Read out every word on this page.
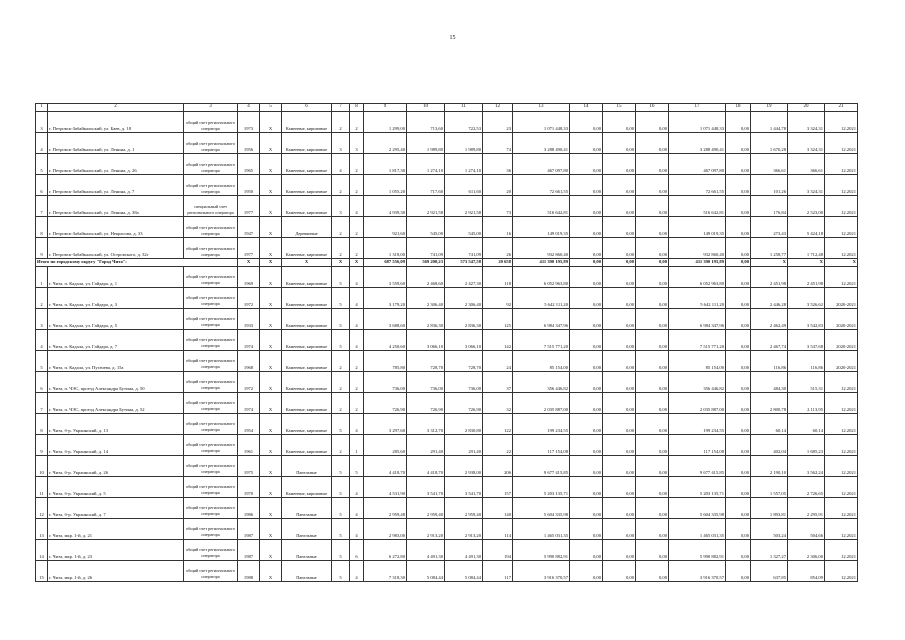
15
1	2	3	4	5	6	7	8	9	10	11	12	13	14	15	16	17	18	19	20	21
3	г. Петровск-Забайкальский, ул. Баев, д. 18	общий счет регионального оператора	1973	X	Каменные, кирпичные	2	2	1 299,00	713,60	722,53	23	1 071 448,33	0,00	0,00	0,00	1 071 448,33	0,00	1 444,78	3 324,31	12.2021
4	г. Петровск-Забайкальский, ул. Ленина, д. 1	общий счет регионального оператора	1956	X	Каменные, кирпичные	3	3	2 295,40	1 989,80	1 989,80	74	3 288 490,41	0,00	0,00	0,00	3 288 490,41	0,00	1 670,28	3 324,31	12.2021
5	г. Петровск-Забайкальский, ул. Ленина, д. 26	общий счет регионального оператора	1965	X	Каменные, кирпичные	4	2	1 817,30	1 274,10	1 274,10	36	467 097,80	0,00	0,00	0,00	467 097,80	0,00	366,61	366,61	12.2021
6	г. Петровск-Забайкальский, ул. Ленина, д. 7	общий счет регионального оператора	1950	X	Каменные, кирпичные	2	2	1 055,20	717,60	611,60	20	72 661,55	0,00	0,00	0,00	72 661,55	0,00	101,26	3 324,31	12.2021
7	г. Петровск-Забайкальский, ул. Ленина, д. 38а	специальный счет регионального оператора	1977	X	Каменные, кирпичные	3	4	4 939,30	2 921,58	2 921,58	73	516 642,81	0,00	0,00	0,00	516 642,81	0,00	176,84	2 523,00	12.2021
8	г. Петровск-Забайкальский, ул. Некрасова, д. 33	общий счет регионального оператора	1947	X	Деревянные	2	2	921,60	545,00	545,00	16	149 019,35	0,00	0,00	0,00	149 019,35	0,00	273,43	5 424,18	12.2021
9	г. Петровск-Забайкальский, ул. Островского, д. 32г	общий счет регионального оператора	1977	X	Каменные, кирпичные	2	2	1 318,00	741,09	741,09	26	932 860,40	0,00	0,00	0,00	932 860,40	0,00	1 258,77	1 712,48	12.2021
Итого по городскому округу "Город Чита":			X	X	X	X	X	687 556,09	569 200,23	573 547,58	20 658	411 390 195,89	0,00	0,00	0,00	411 390 195,89	0,00	X	X	X
1	г. Чита, п. Кадала, ул. Гайдара, д. 1	общий счет регионального оператора	1969	X	Каменные, кирпичные	5	4	3 559,60	2 468,60	2 427,30	118	6 052 963,80	0,00	0,00	0,00	6 052 963,80	0,00	2 451,98	2 451,98	12.2021
2	г. Чита, п. Кадала, ул. Гайдара, д. 3	общий счет регионального оператора	1972	X	Каменные, кирпичные	5	4	3 179,20	2 306,40	2 306,40	92	5 642 111,20	0,00	0,00	0,00	5 642 111,20	0,00	2 446,28	3 526,62	2020-2021
3	г. Чита, п. Кадала, ул. Гайдара, д. 5	общий счет регионального оператора	1933	X	Каменные, кирпичные	5	4	3 688,60	2 836,30	2 836,30	125	6 984 347,96	0,00	0,00	0,00	6 984 347,96	0,00	2 462,49	3 542,83	2020-2021
4	г. Чита, п. Кадала, ул. Гайдара, д. 7	общий счет регионального оператора	1974	X	Каменные, кирпичные	5	4	4 250,60	3 066,10	3 066,10	142	7 515 771,20	0,00	0,00	0,00	7 515 771,20	0,00	2 467,74	3 547,68	2020-2021
5	г. Чита, п. Кадала, ул. Пугачева, д. 15а	общий счет регионального оператора	1968	X	Каменные, кирпичные	2	2	785,80	728,70	728,70	24	85 154,00	0,00	0,00	0,00	85 154,00	0,00	116,86	116,86	2020-2021
6	г. Чита, п. ЧЭС, проезд Александра Бутина, д. 50	общий счет регионального оператора	1972	X	Каменные, кирпичные	2	2	736,00	736,00	736,00	37	356 446,82	0,00	0,00	0,00	356 446,82	0,00	484,30	515,31	12.2021
7	г. Чита, п. ЧЭС, проезд Александра Бутина, д. 52	общий счет регионального оператора	1974	X	Каменные, кирпичные	2	2	726,90	726,90	726,90	32	2 035 887,00	0,00	0,00	0,00	2 035 887,00	0,00	2 800,78	2 113,95	12.2021
8	г. Чита, б-р. Украинский, д. 13	общий счет регионального оператора	1954	X	Каменные, кирпичные	5	4	3 297,60	3 312,70	2 830,80	122	199 234,55	0,00	0,00	0,00	199 234,55	0,00	60,14	60,14	12.2021
9	г. Чита, б-р. Украинский, д. 14	общий счет регионального оператора	1961	X	Каменные, кирпичные	2	1	285,60	291,40	291,40	22	117 154,08	0,00	0,00	0,00	117 154,08	0,00	402,04	1 685,23	12.2021
10	г. Чита, б-р. Украинский, д. 26	общий счет регионального оператора	1975	X	Панельные	5	5	4 418,70	4 418,70	2 938,00	206	9 677 415,85	0,00	0,00	0,00	9 677 415,85	0,00	2 190,10	3 562,24	12.2021
11	г. Чита, б-р. Украинский, д. 5	общий счет регионального оператора	1970	X	Каменные, кирпичные	5	4	4 531,90	3 541,70	3 541,70	157	5 203 135,71	0,00	0,00	0,00	5 203 135,71	0,00	1 557,05	2 726,65	12.2021
12	г. Чита, б-р. Украинский, д. 7	общий счет регионального оператора	1986	X	Панельные	5	4	2 959,48	2 959,40	2 959,40	140	5 604 335,98	0,00	0,00	0,00	5 604 335,98	0,00	1 893,81	2 295,91	12.2021
13	г. Чита, мкр. 1-й, д. 21	общий счет регионального оператора	1987	X	Панельные	5	4	2 983,00	2 913,20	2 913,20	114	1 465 031,35	0,00	0,00	0,00	1 465 031,35	0,00	503,24	504,66	12.2021
14	г. Чита, мкр. 1-й, д. 23	общий счет регионального оператора	1987	X	Панельные	5	6	6 272,80	4 491,30	4 491,30	194	5 990 882,91	0,00	0,00	0,00	5 990 882,91	0,00	1 327,27	2 306,00	12.2021
15	г. Чита, мкр. 1-й, д. 26	общий счет регионального оператора	1988	X	Панельные	5	4	7 318,30	5 084,44	5 084,44	117	3 916 370,57	0,00	0,00	0,00	3 916 370,57	0,00	637,85	854,09	12.2021
